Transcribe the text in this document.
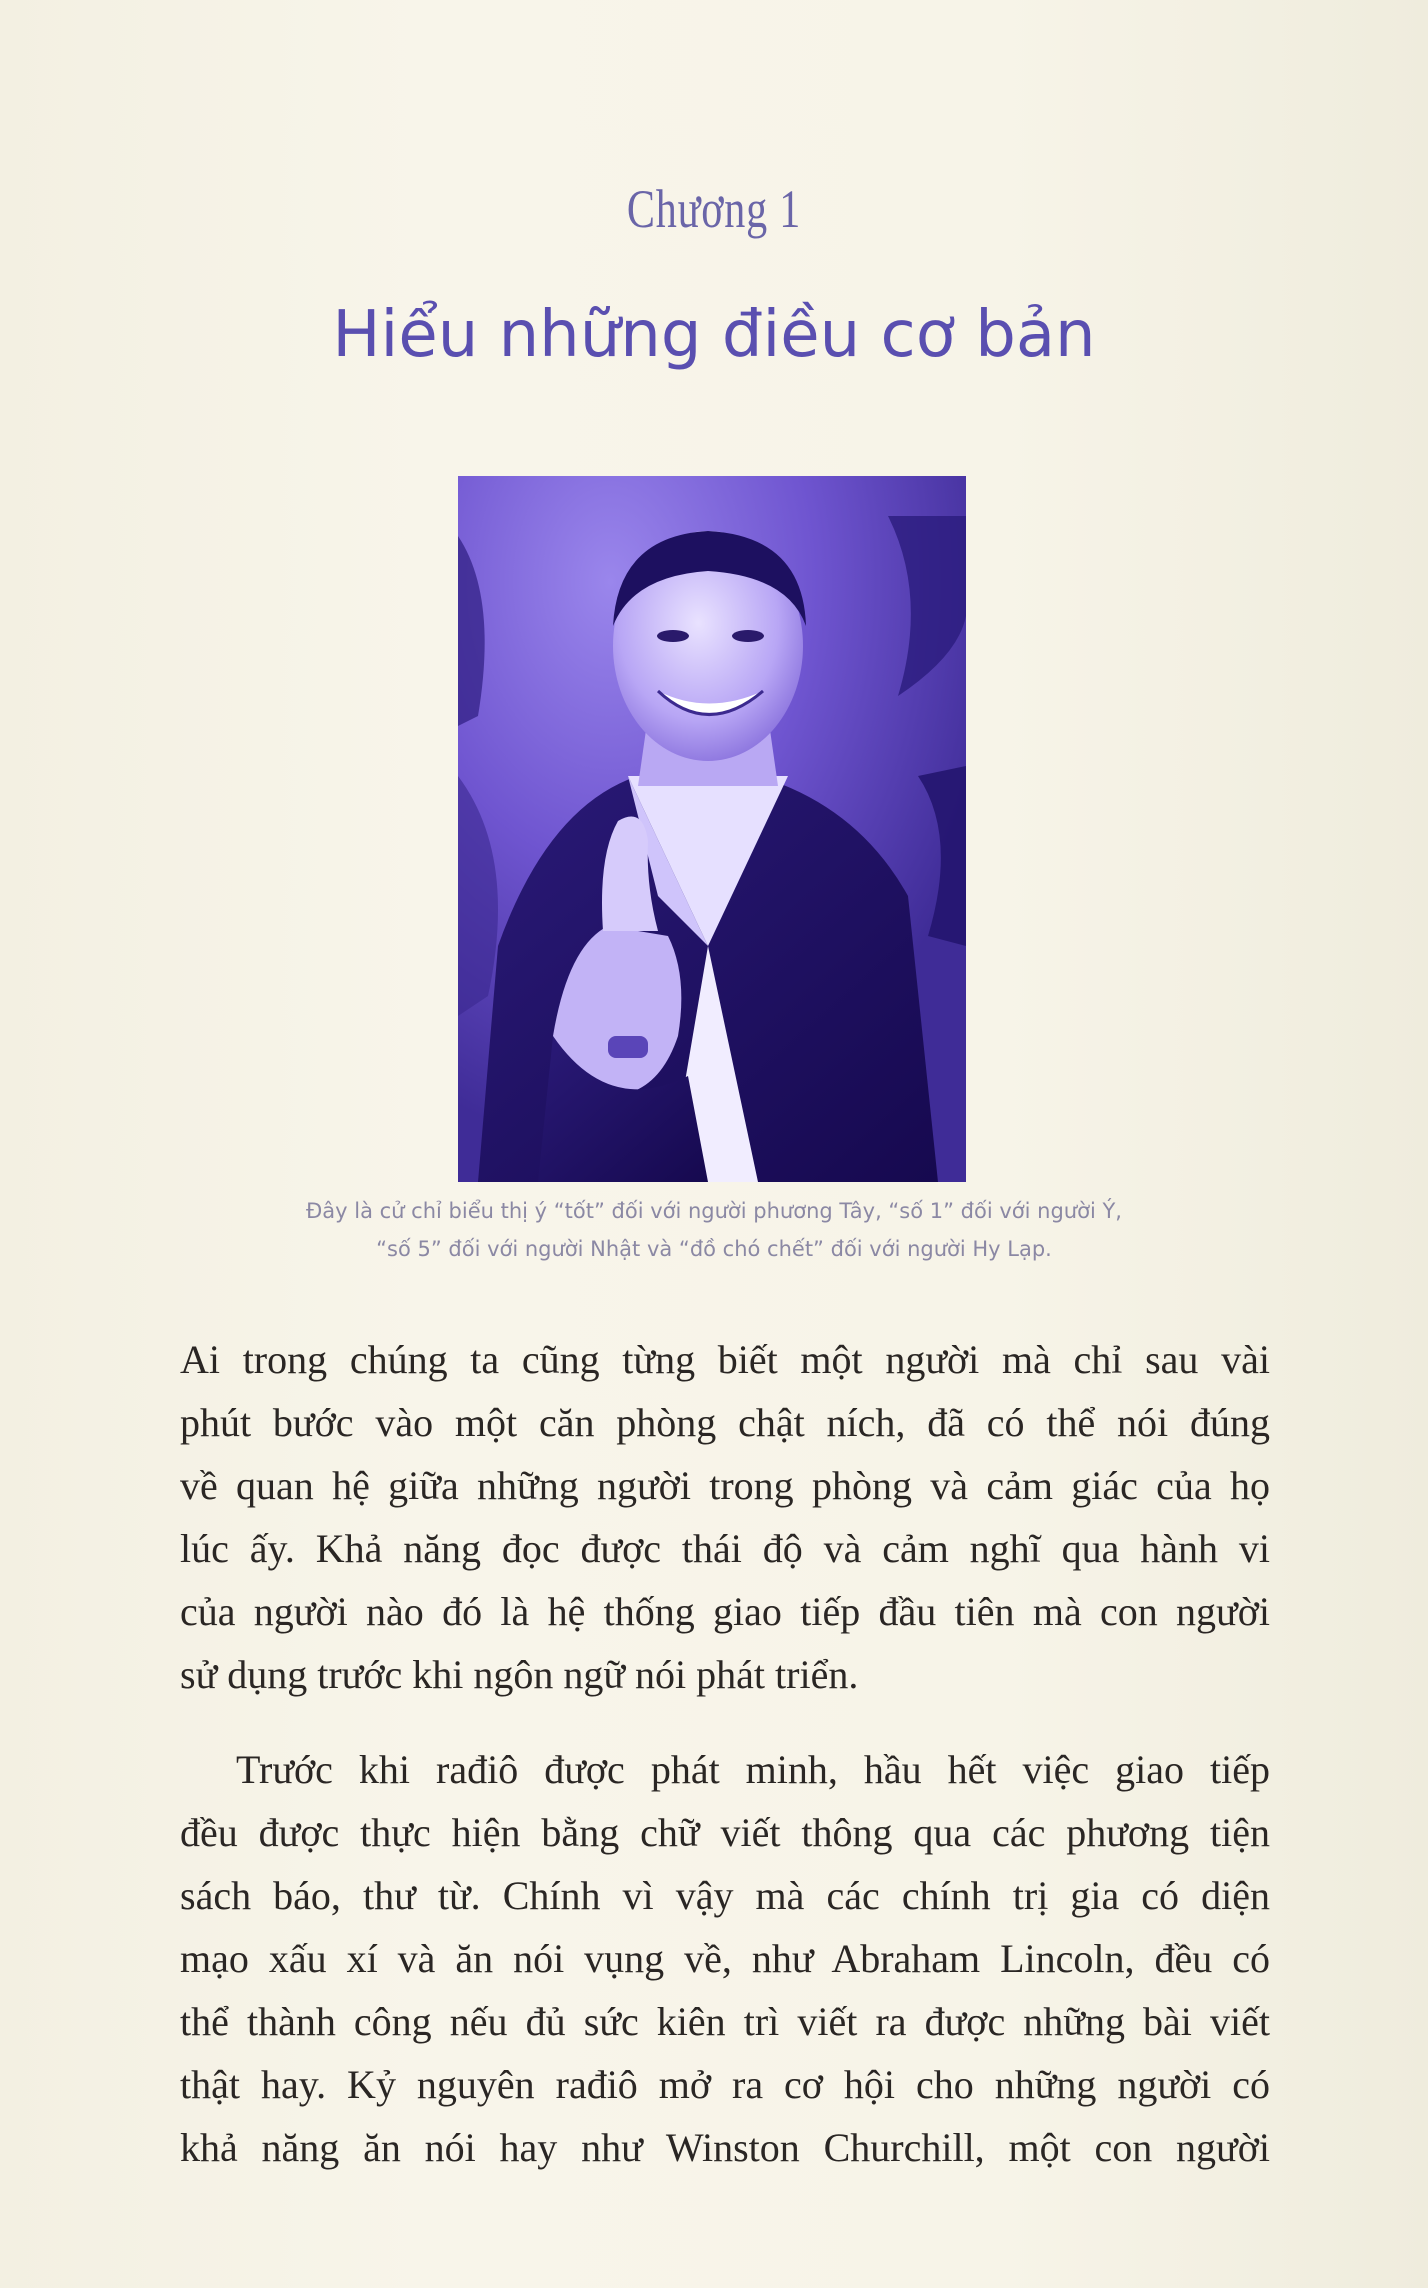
Chương 1
Hiểu những điều cơ bản
Đây là cử chỉ biểu thị ý “tốt” đối với người phương Tây, “số 1” đối với người Ý,
“số 5” đối với người Nhật và “đồ chó chết” đối với người Hy Lạp.
Ai trong chúng ta cũng từng biết một người mà chỉ sau vài
phút bước vào một căn phòng chật ních, đã có thể nói đúng
về quan hệ giữa những người trong phòng và cảm giác của họ
lúc ấy. Khả năng đọc được thái độ và cảm nghĩ qua hành vi
của người nào đó là hệ thống giao tiếp đầu tiên mà con người
sử dụng trước khi ngôn ngữ nói phát triển.
Trước khi rađiô được phát minh, hầu hết việc giao tiếp
đều được thực hiện bằng chữ viết thông qua các phương tiện
sách báo, thư từ. Chính vì vậy mà các chính trị gia có diện
mạo xấu xí và ăn nói vụng về, như Abraham Lincoln, đều có
thể thành công nếu đủ sức kiên trì viết ra được những bài viết
thật hay. Kỷ nguyên rađiô mở ra cơ hội cho những người có
khả năng ăn nói hay như Winston Churchill, một con người
